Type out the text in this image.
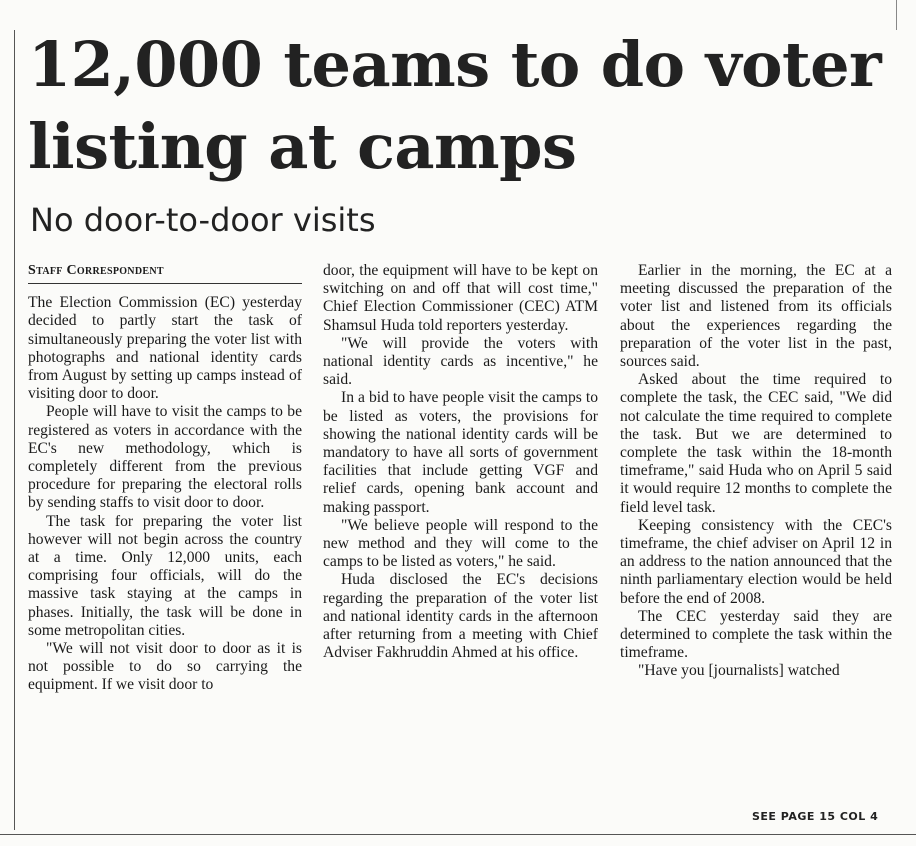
12,000 teams to do voter
listing at camps
No door-to-door visits
Staff Correspondent

The Election Commission (EC) yesterday decided to partly start the task of simultaneously preparing the voter list with photographs and national identity cards from August by setting up camps instead of visiting door to door.

People will have to visit the camps to be registered as voters in accordance with the EC's new methodology, which is completely different from the previous procedure for preparing the electoral rolls by sending staffs to visit door to door.

The task for preparing the voter list however will not begin across the country at a time. Only 12,000 units, each comprising four officials, will do the massive task staying at the camps in phases. Initially, the task will be done in some metropolitan cities.

"We will not visit door to door as it is not possible to do so carrying the equipment. If we visit door to

door, the equipment will have to be kept on switching on and off that will cost time," Chief Election Commissioner (CEC) ATM Shamsul Huda told reporters yesterday.

"We will provide the voters with national identity cards as incentive," he said.

In a bid to have people visit the camps to be listed as voters, the provisions for showing the national identity cards will be mandatory to have all sorts of government facilities that include getting VGF and relief cards, opening bank account and making passport.

"We believe people will respond to the new method and they will come to the camps to be listed as voters," he said.

Huda disclosed the EC's decisions regarding the preparation of the voter list and national identity cards in the afternoon after returning from a meeting with Chief Adviser Fakhruddin Ahmed at his office.

Earlier in the morning, the EC at a meeting discussed the preparation of the voter list and listened from its officials about the experiences regarding the preparation of the voter list in the past, sources said.

Asked about the time required to complete the task, the CEC said, "We did not calculate the time required to complete the task. But we are determined to complete the task within the 18-month timeframe," said Huda who on April 5 said it would require 12 months to complete the field level task.

Keeping consistency with the CEC's timeframe, the chief adviser on April 12 in an address to the nation announced that the ninth parliamentary election would be held before the end of 2008.

The CEC yesterday said they are determined to complete the task within the timeframe.

"Have you [journalists] watched

SEE PAGE 15 COL 4
